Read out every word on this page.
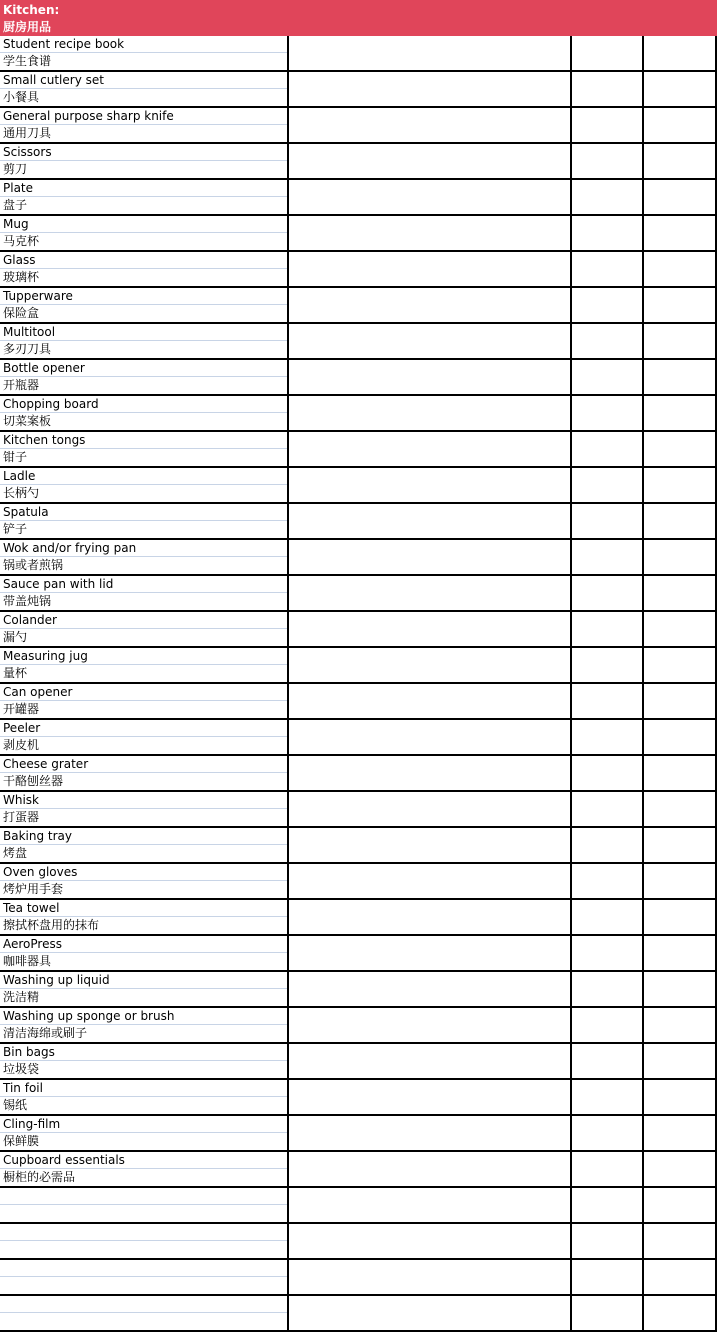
Kitchen:
厨房用品
Student recipe book
学生食谱
Small cutlery set
小餐具
General purpose sharp knife
通用刀具
Scissors
剪刀
Plate
盘子
Mug
马克杯
Glass
玻璃杯
Tupperware
保险盒
Multitool
多刃刀具
Bottle opener
开瓶器
Chopping board
切菜案板
Kitchen tongs
钳子
Ladle
长柄勺
Spatula
铲子
Wok and/or frying pan
锅或者煎锅
Sauce pan with lid
带盖炖锅
Colander
漏勺
Measuring jug
量杯
Can opener
开罐器
Peeler
剥皮机
Cheese grater
干酪刨丝器
Whisk
打蛋器
Baking tray
烤盘
Oven gloves
烤炉用手套
Tea towel
擦拭杯盘用的抹布
AeroPress
咖啡器具
Washing up liquid
洗洁精
Washing up sponge or brush
清洁海绵或刷子
Bin bags
垃圾袋
Tin foil
锡纸
Cling-film
保鲜膜
Cupboard essentials
橱柜的必需品
